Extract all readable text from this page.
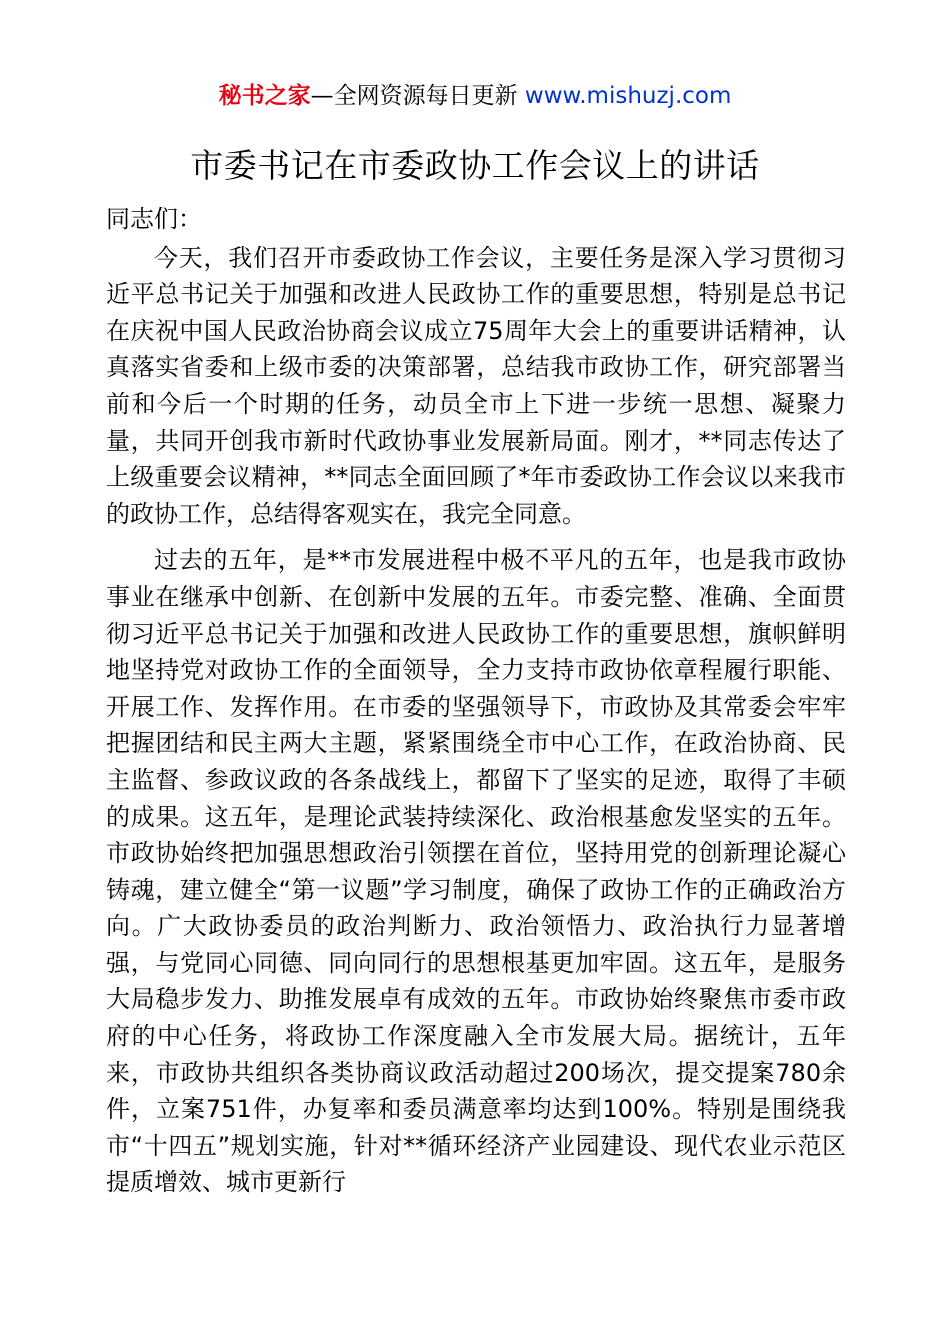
秘书之家—全网资源每日更新 www.mishuzj.com
市委书记在市委政协工作会议上的讲话

同志们：

今天，我们召开市委政协工作会议，主要任务是深入学习贯彻习近平总书记关于加强和改进人民政协工作的重要思想，特别是总书记在庆祝中国人民政治协商会议成立75周年大会上的重要讲话精神，认真落实省委和上级市委的决策部署，总结我市政协工作，研究部署当前和今后一个时期的任务，动员全市上下进一步统一思想、凝聚力量，共同开创我市新时代政协事业发展新局面。刚才，**同志传达了上级重要会议精神，**同志全面回顾了*年市委政协工作会议以来我市的政协工作，总结得客观实在，我完全同意。

过去的五年，是**市发展进程中极不平凡的五年，也是我市政协事业在继承中创新、在创新中发展的五年。市委完整、准确、全面贯彻习近平总书记关于加强和改进人民政协工作的重要思想，旗帜鲜明地坚持党对政协工作的全面领导，全力支持市政协依章程履行职能、开展工作、发挥作用。在市委的坚强领导下，市政协及其常委会牢牢把握团结和民主两大主题，紧紧围绕全市中心工作，在政治协商、民主监督、参政议政的各条战线上，都留下了坚实的足迹，取得了丰硕的成果。这五年，是理论武装持续深化、政治根基愈发坚实的五年。市政协始终把加强思想政治引领摆在首位，坚持用党的创新理论凝心铸魂，建立健全“第一议题”学习制度，确保了政协工作的正确政治方向。广大政协委员的政治判断力、政治领悟力、政治执行力显著增强，与党同心同德、同向同行的思想根基更加牢固。这五年，是服务大局稳步发力、助推发展卓有成效的五年。市政协始终聚焦市委市政府的中心任务，将政协工作深度融入全市发展大局。据统计，五年来，市政协共组织各类协商议政活动超过200场次，提交提案780余件，立案751件，办复率和委员满意率均达到100%。特别是围绕我市“十四五”规划实施，针对**循环经济产业园建设、现代农业示范区提质增效、城市更新行
